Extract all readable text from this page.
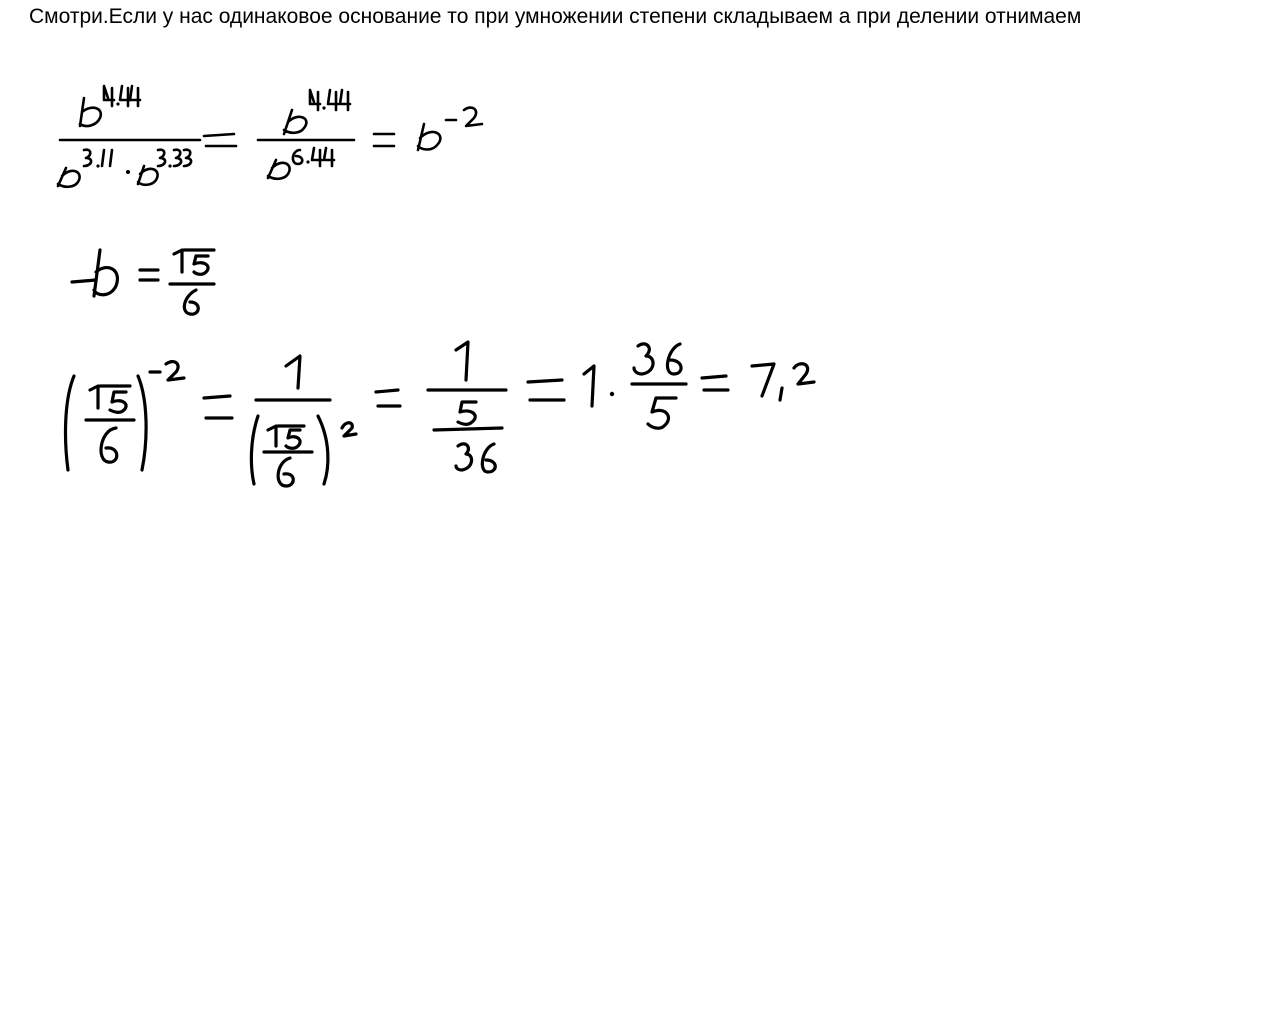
Смотри.Если у нас одинаковое основание то при умножении степени складываем а при делении отнимаем
